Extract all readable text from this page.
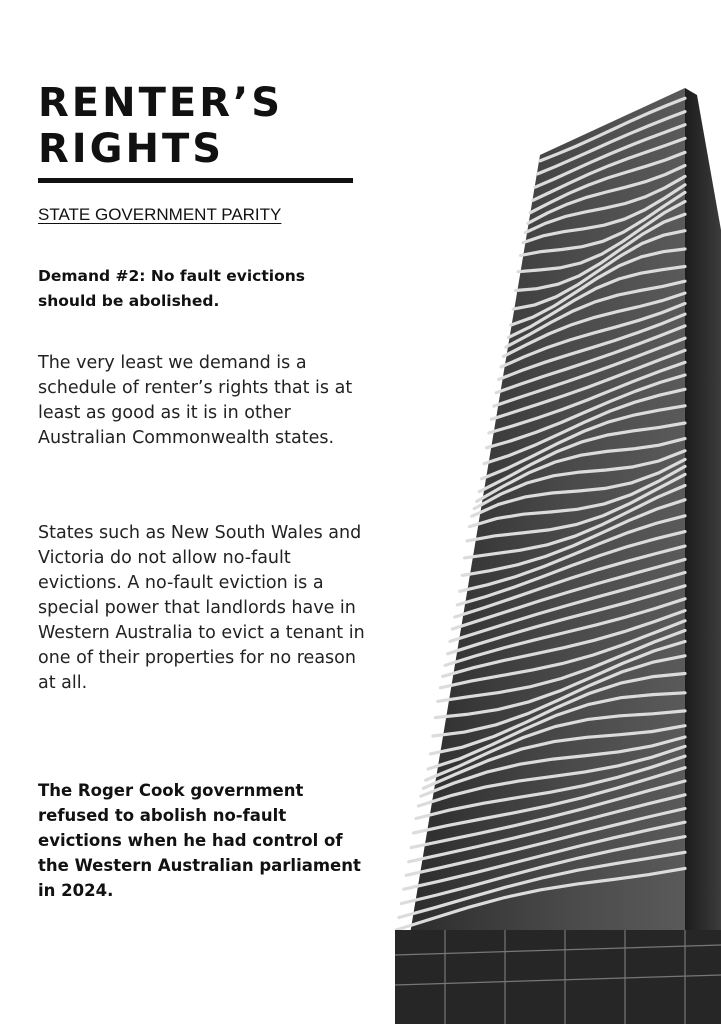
RENTER’S
RIGHTS
STATE GOVERNMENT PARITY
Demand #2: No fault evictions should be abolished.
The very least we demand is a schedule of renter’s rights that is at least as good as it is in other Australian Commonwealth states.
States such as New South Wales and Victoria do not allow no-fault evictions. A no-fault eviction is a special power that landlords have in Western Australia to evict a tenant in one of their properties for no reason at all.
The Roger Cook government refused to abolish no-fault evictions when he had control of the Western Australian parliament in 2024.
